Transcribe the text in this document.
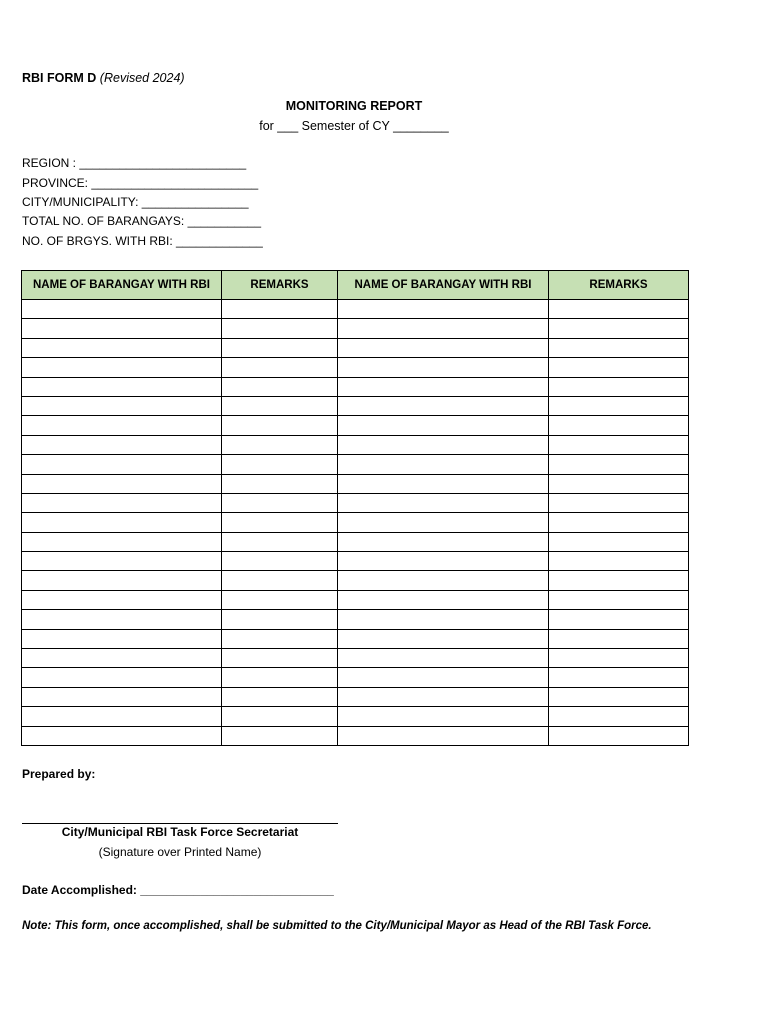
RBI FORM D (Revised 2024)
MONITORING REPORT
for ___ Semester of CY ________
REGION : _________________________
PROVINCE: _________________________
CITY/MUNICIPALITY: ________________
TOTAL NO. OF BARANGAYS: ___________
NO. OF BRGYS. WITH RBI: _____________
NAME OF BARANGAY WITH RBI	REMARKS	NAME OF BARANGAY WITH RBI	REMARKS

Prepared by:
City/Municipal RBI Task Force Secretariat
(Signature over Printed Name)
Date Accomplished: _____________________________
Note: This form, once accomplished, shall be submitted to the City/Municipal Mayor as Head of the RBI Task Force.
